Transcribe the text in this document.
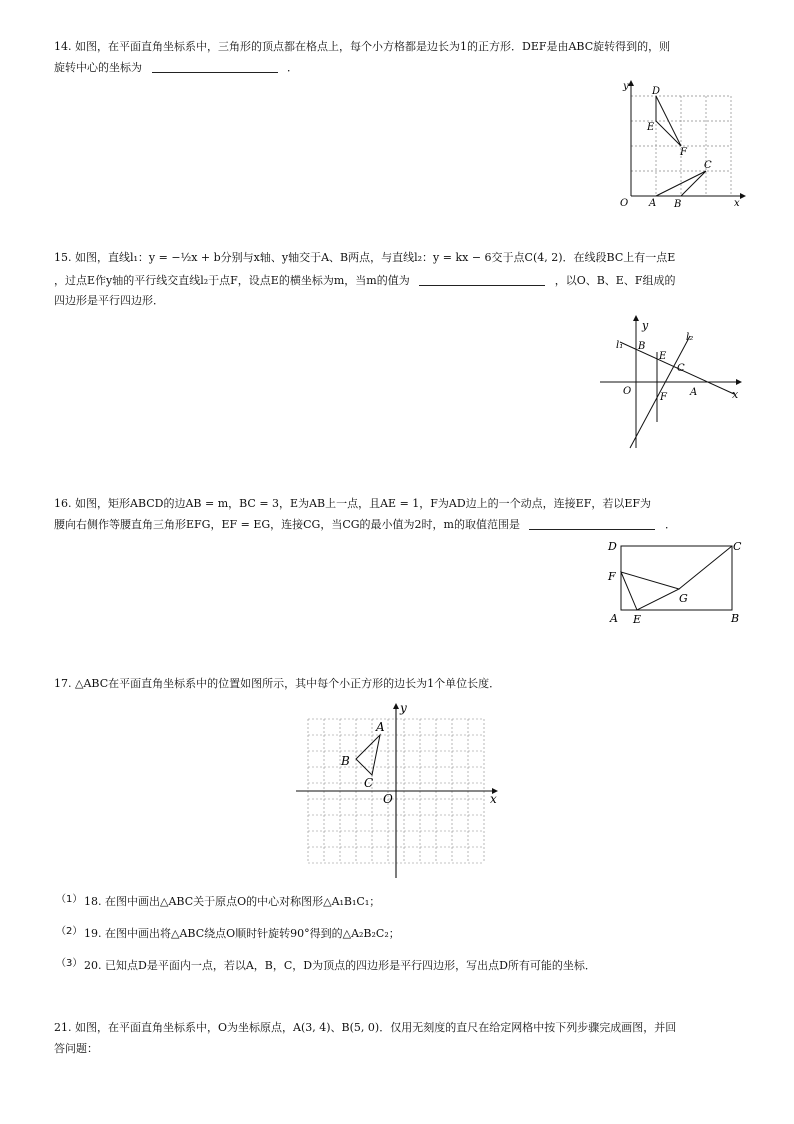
14. 如图，在平面直角坐标系中，三角形的顶点都在格点上，每个小方格都是边长为1的正方形．DEF是由ABC旋转得到的，则
旋转中心的坐标为	．
y
x
O A B
C
D
E
F
15. 如图，直线l₁：y = −½x + b分别与x轴、y轴交于A、B两点，与直线l₂：y = kx − 6交于点C(4, 2)．在线段BC上有一点E
，过点E作y轴的平行线交直线l₂于点F，设点E的横坐标为m，当m的值为	，以O、B、E、F组成的
四边形是平行四边形．
y
x
O	A
B
C
E
F
l₁
l₂
16. 如图，矩形ABCD的边AB = m，BC = 3，E为AB上一点，且AE = 1，F为AD边上的一个动点，连接EF，若以EF为
腰向右侧作等腰直角三角形EFG，EF = EG，连接CG，当CG的最小值为2时，m的取值范围是	．
D	C
F
G
A E	B
17. △ABC在平面直角坐标系中的位置如图所示，其中每个小正方形的边长为1个单位长度．
y
x
O
A
B
C
（1） 18. 在图中画出△ABC关于原点O的中心对称图形△A₁B₁C₁；
（2） 19. 在图中画出将△ABC绕点O顺时针旋转90°得到的△A₂B₂C₂；
（3） 20. 已知点D是平面内一点，若以A，B，C，D为顶点的四边形是平行四边形，写出点D所有可能的坐标．
21. 如图，在平面直角坐标系中，O为坐标原点，A(3, 4)、B(5, 0)．仅用无刻度的直尺在给定网格中按下列步骤完成画图，并回
答问题：
